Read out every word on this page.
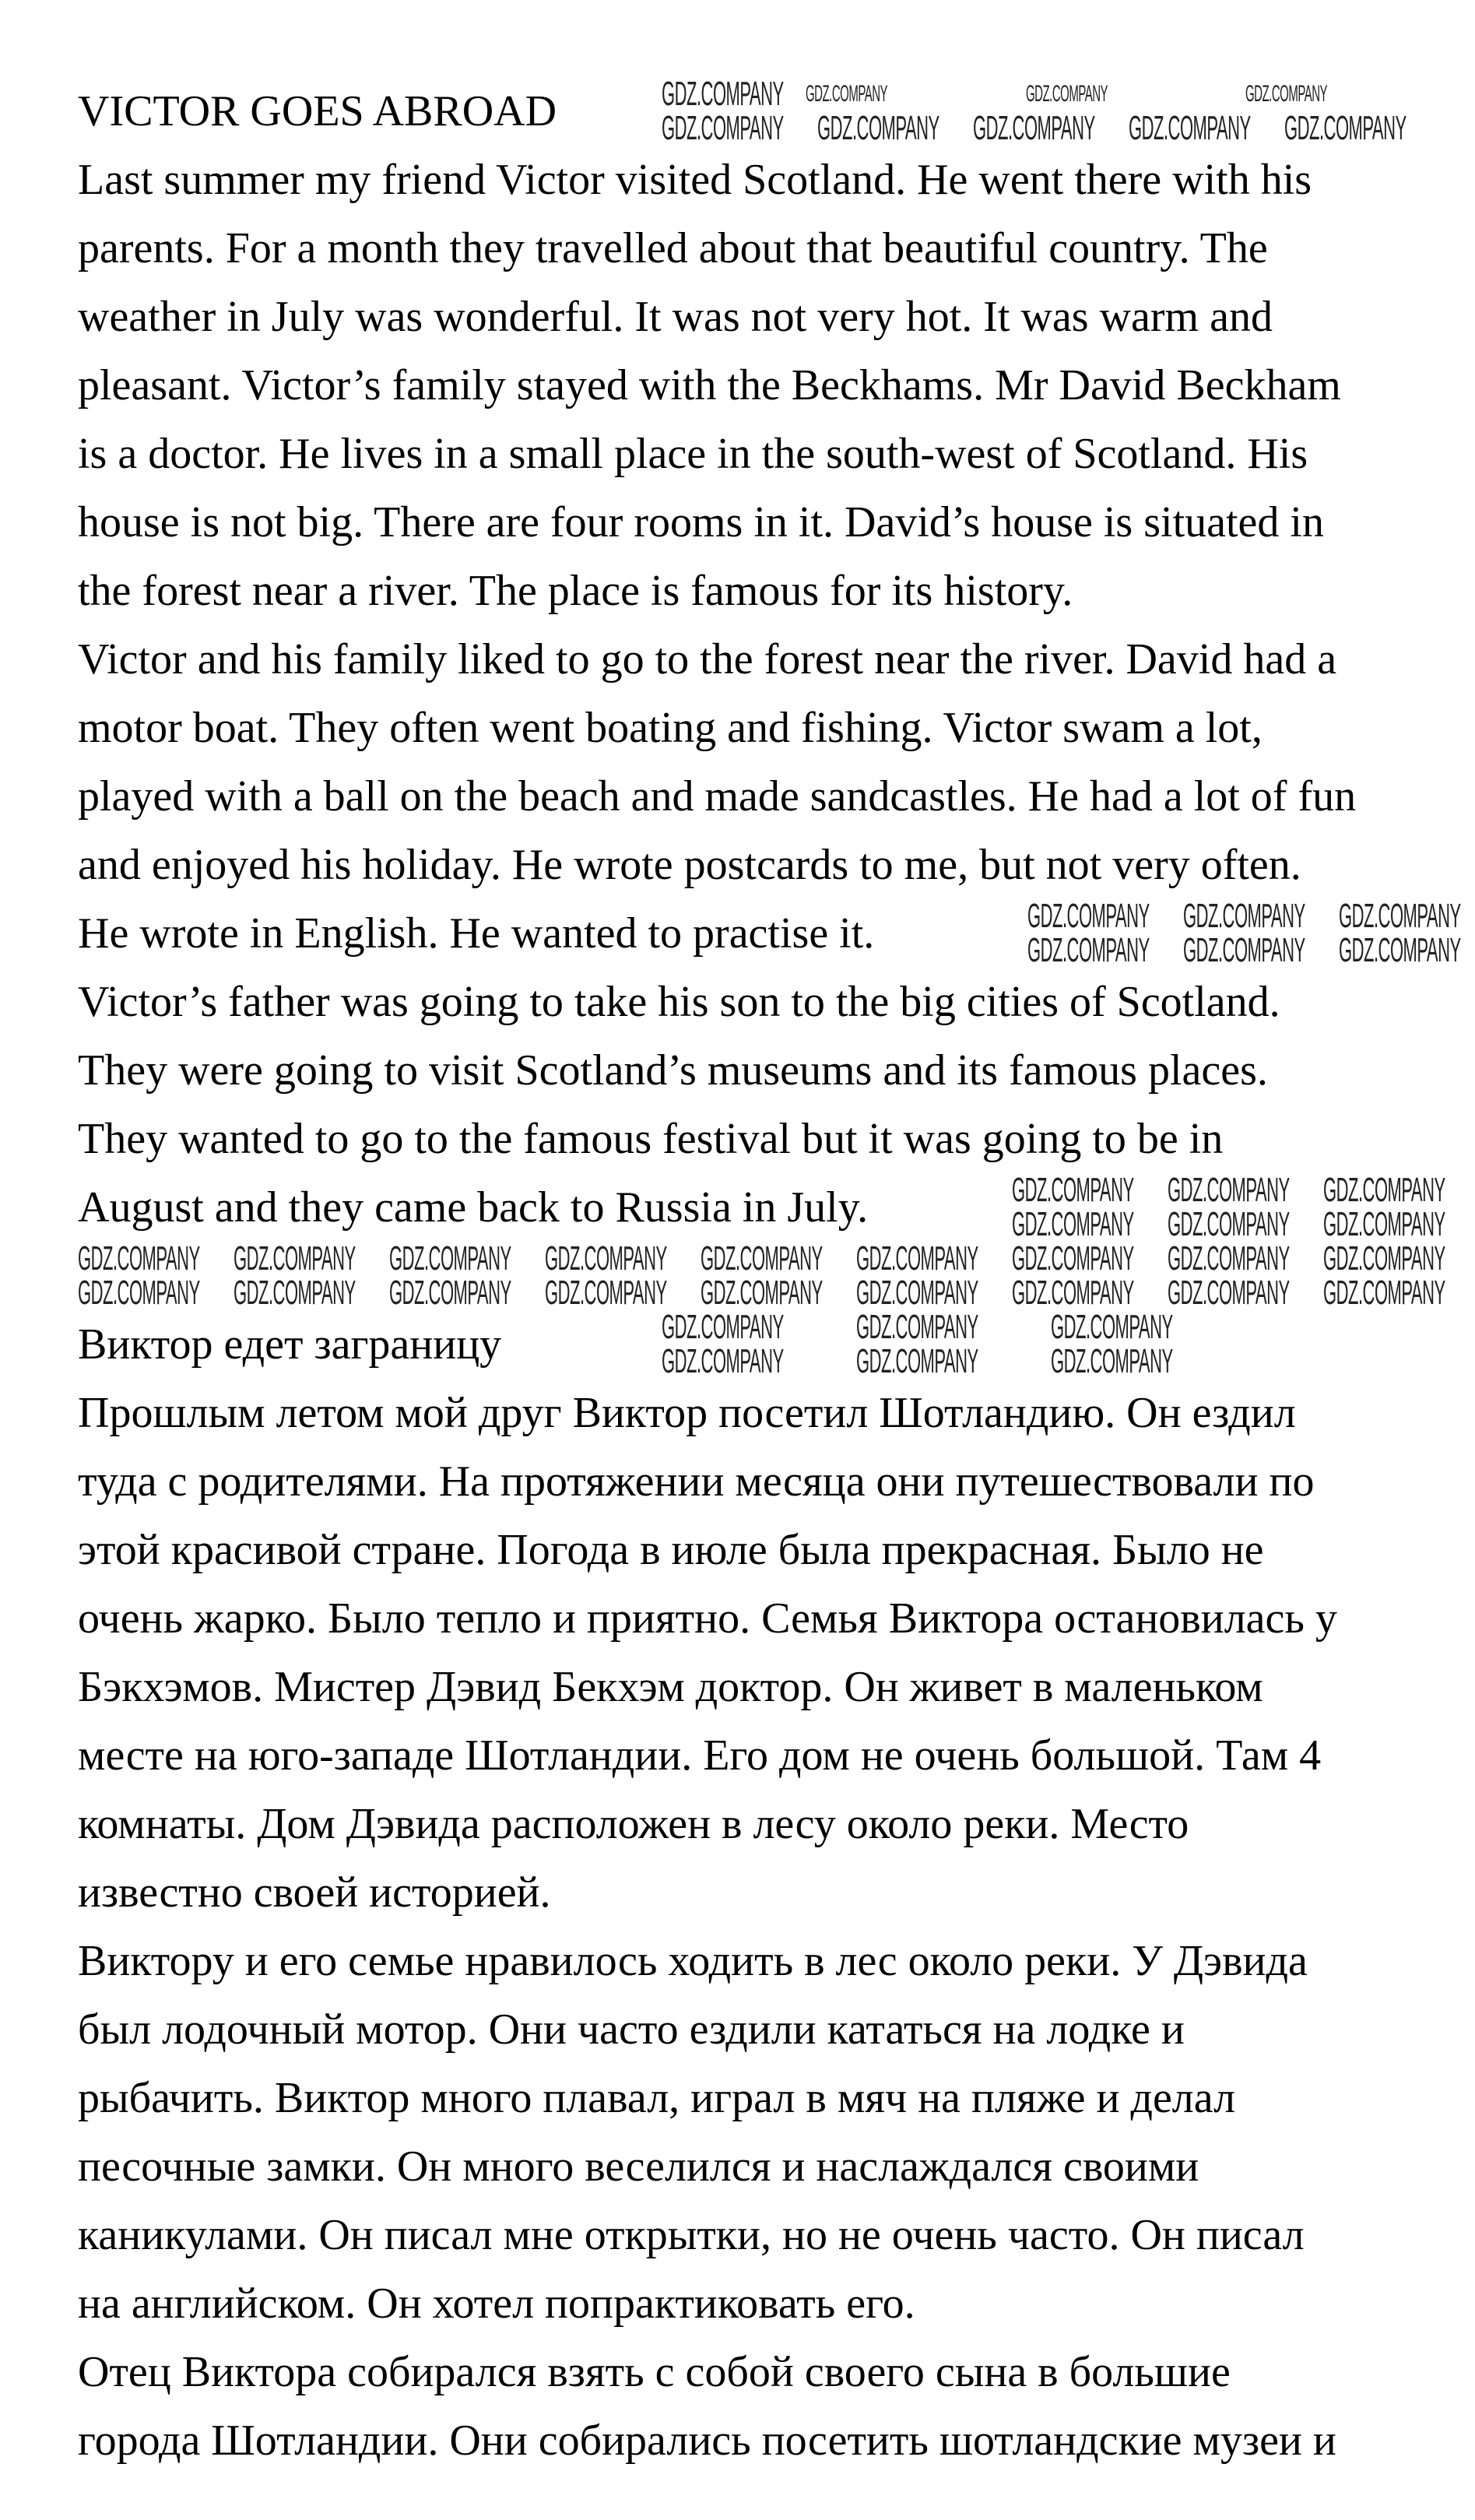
VICTOR GOES ABROAD
Last summer my friend Victor visited Scotland. He went there with his
parents. For a month they travelled about that beautiful country. The
weather in July was wonderful. It was not very hot. It was warm and
pleasant. Victor’s family stayed with the Beckhams. Mr David Beckham
is a doctor. He lives in a small place in the south-west of Scotland. His
house is not big. There are four rooms in it. David’s house is situated in
the forest near a river. The place is famous for its history.
Victor and his family liked to go to the forest near the river. David had a
motor boat. They often went boating and fishing. Victor swam a lot,
played with a ball on the beach and made sandcastles. He had a lot of fun
and enjoyed his holiday. He wrote postcards to me, but not very often.
He wrote in English. He wanted to practise it.
Victor’s father was going to take his son to the big cities of Scotland.
They were going to visit Scotland’s museums and its famous places.
They wanted to go to the famous festival but it was going to be in
August and they came back to Russia in July.
Виктор едет заграницу
Прошлым летом мой друг Виктор посетил Шотландию. Он ездил
туда с родителями. На протяжении месяца они путешествовали по
этой красивой стране. Погода в июле была прекрасная. Было не
очень жарко. Было тепло и приятно. Семья Виктора остановилась у
Бэкхэмов. Мистер Дэвид Бекхэм доктор. Он живет в маленьком
месте на юго-западе Шотландии. Его дом не очень большой. Там 4
комнаты. Дом Дэвида расположен в лесу около реки. Место
известно своей историей.
Виктору и его семье нравилось ходить в лес около реки. У Дэвида
был лодочный мотор. Они часто ездили кататься на лодке и
рыбачить. Виктор много плавал, играл в мяч на пляже и делал
песочные замки. Он много веселился и наслаждался своими
каникулами. Он писал мне открытки, но не очень часто. Он писал
на английском. Он хотел попрактиковать его.
Отец Виктора собирался взять с собой своего сына в большие
города Шотландии. Они собирались посетить шотландские музеи и
GDZ.COMPANY	GDZ.COMPANY	GDZ.COMPANY
GDZ.COMPANY GDZ.COMPANY GDZ.COMPANY GDZ.COMPANY GDZ.COMPANY
GDZ.COMPANY
GDZ.COMPANY GDZ.COMPANY GDZ.COMPANY
GDZ.COMPANY GDZ.COMPANY GDZ.COMPANY
GDZ.COMPANY GDZ.COMPANY GDZ.COMPANY
GDZ.COMPANY GDZ.COMPANY GDZ.COMPANY
GDZ.COMPANY GDZ.COMPANY GDZ.COMPANY GDZ.COMPANY GDZ.COMPANY GDZ.COMPANY GDZ.COMPANY GDZ.COMPANY GDZ.COMPANY
GDZ.COMPANY GDZ.COMPANY GDZ.COMPANY GDZ.COMPANY GDZ.COMPANY GDZ.COMPANY GDZ.COMPANY GDZ.COMPANY GDZ.COMPANY
GDZ.COMPANY GDZ.COMPANY GDZ.COMPANY
GDZ.COMPANY GDZ.COMPANY GDZ.COMPANY
